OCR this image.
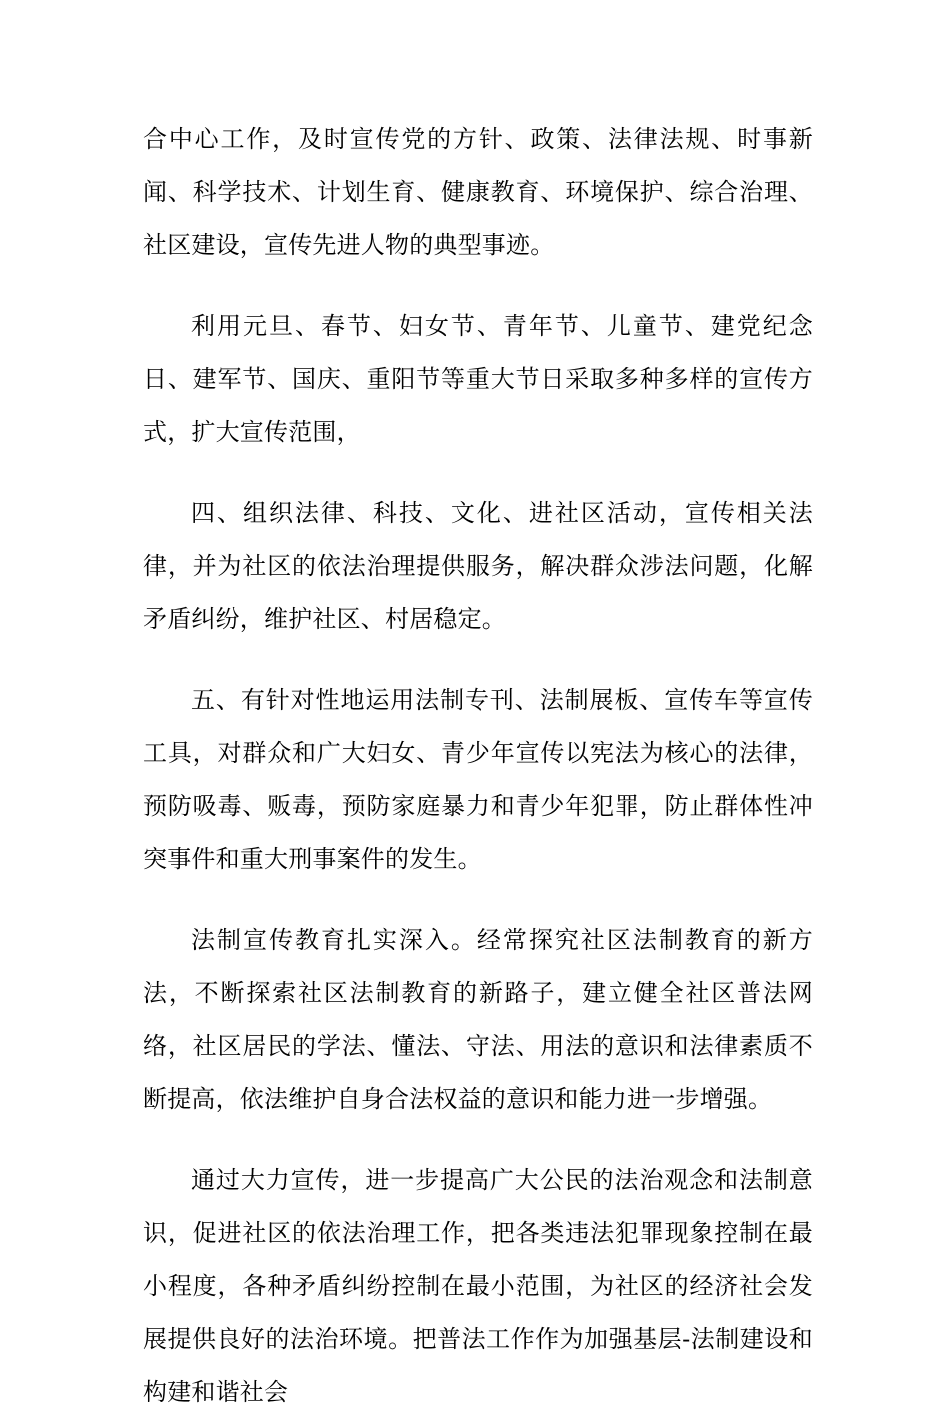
合中心工作，及时宣传党的方针、政策、法律法规、时事新闻、科学技术、计划生育、健康教育、环境保护、综合治理、社区建设，宣传先进人物的典型事迹。

利用元旦、春节、妇女节、青年节、儿童节、建党纪念日、建军节、国庆、重阳节等重大节日采取多种多样的宣传方式，扩大宣传范围，

四、组织法律、科技、文化、进社区活动，宣传相关法律，并为社区的依法治理提供服务，解决群众涉法问题，化解矛盾纠纷，维护社区、村居稳定。

五、有针对性地运用法制专刊、法制展板、宣传车等宣传工具，对群众和广大妇女、青少年宣传以宪法为核心的法律，预防吸毒、贩毒，预防家庭暴力和青少年犯罪，防止群体性冲突事件和重大刑事案件的发生。

法制宣传教育扎实深入。经常探究社区法制教育的新方法，不断探索社区法制教育的新路子，建立健全社区普法网络，社区居民的学法、懂法、守法、用法的意识和法律素质不断提高，依法维护自身合法权益的意识和能力进一步增强。

通过大力宣传，进一步提高广大公民的法治观念和法制意识，促进社区的依法治理工作，把各类违法犯罪现象控制在最小程度，各种矛盾纠纷控制在最小范围，为社区的经济社会发展提供良好的法治环境。把普法工作作为加强基层-法制建设和构建和谐社会
